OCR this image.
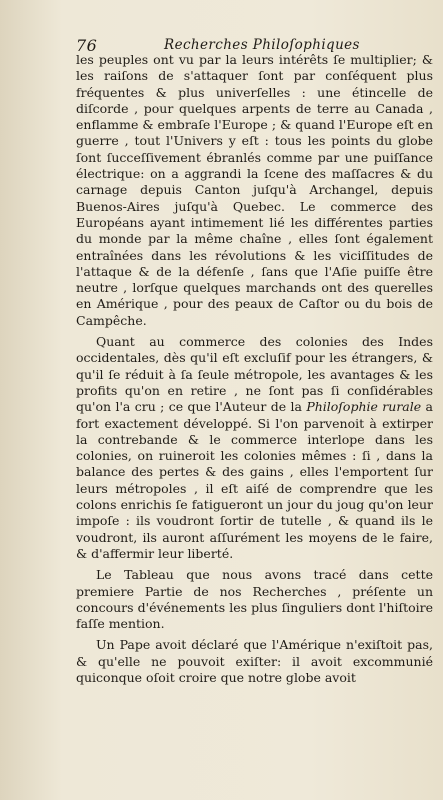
76	Recherches Philoſophiques

les peuples ont vu par la leurs intérêts ſe multiplier; & les raiſons de s'attaquer ſont par conſéquent plus fréquentes & plus univerſelles : une étincelle de diſcorde , pour quelques arpents de terre au Canada , enflamme & embraſe l'Europe ; & quand l'Europe eſt en guerre , tout l'Univers y eſt : tous les points du globe ſont ſucceſſivement ébranlés comme par une puiſſance électrique: on a aggrandi la ſcene des maſſacres & du carnage depuis Canton juſqu'à Archangel, depuis Buenos-Aires juſqu'à Quebec. Le commerce des Européans ayant intimement lié les différentes parties du monde par la même chaîne , elles ſont également entraînées dans les révolutions & les viciſſitudes de l'attaque & de la défenſe , ſans que l'Aſie puiſſe être neutre , lorſque quelques marchands ont des querelles en Amérique , pour des peaux de Caſtor ou du bois de Campêche.

Quant au commerce des colonies des Indes occidentales, dès qu'il eſt excluſif pour les étrangers, & qu'il ſe réduit à ſa ſeule métropole, les avantages & les profits qu'on en retire , ne ſont pas ſi conſidérables qu'on l'a cru ; ce que l'Auteur de la Philoſophie rurale a fort exactement développé. Si l'on parvenoit à extirper la contrebande & le commerce interlope dans les colonies, on ruineroit les colonies mêmes : ſi , dans la balance des pertes & des gains , elles l'emportent ſur leurs métropoles , il eſt aiſé de comprendre que les colons enrichis ſe fatigueront un jour du joug qu'on leur impoſe : ils voudront ſortir de tutelle , & quand ils le voudront, ils auront aſſurément les moyens de le faire, & d'affermir leur liberté.

Le Tableau que nous avons tracé dans cette premiere Partie de nos Recherches , préſente un concours d'événements les plus ſinguliers dont l'hiſtoire faſſe mention.

Un Pape avoit déclaré que l'Amérique n'exiſtoit pas, & qu'elle ne pouvoit exiſter: il avoit excommunié quiconque oſoit croire que notre globe avoit
